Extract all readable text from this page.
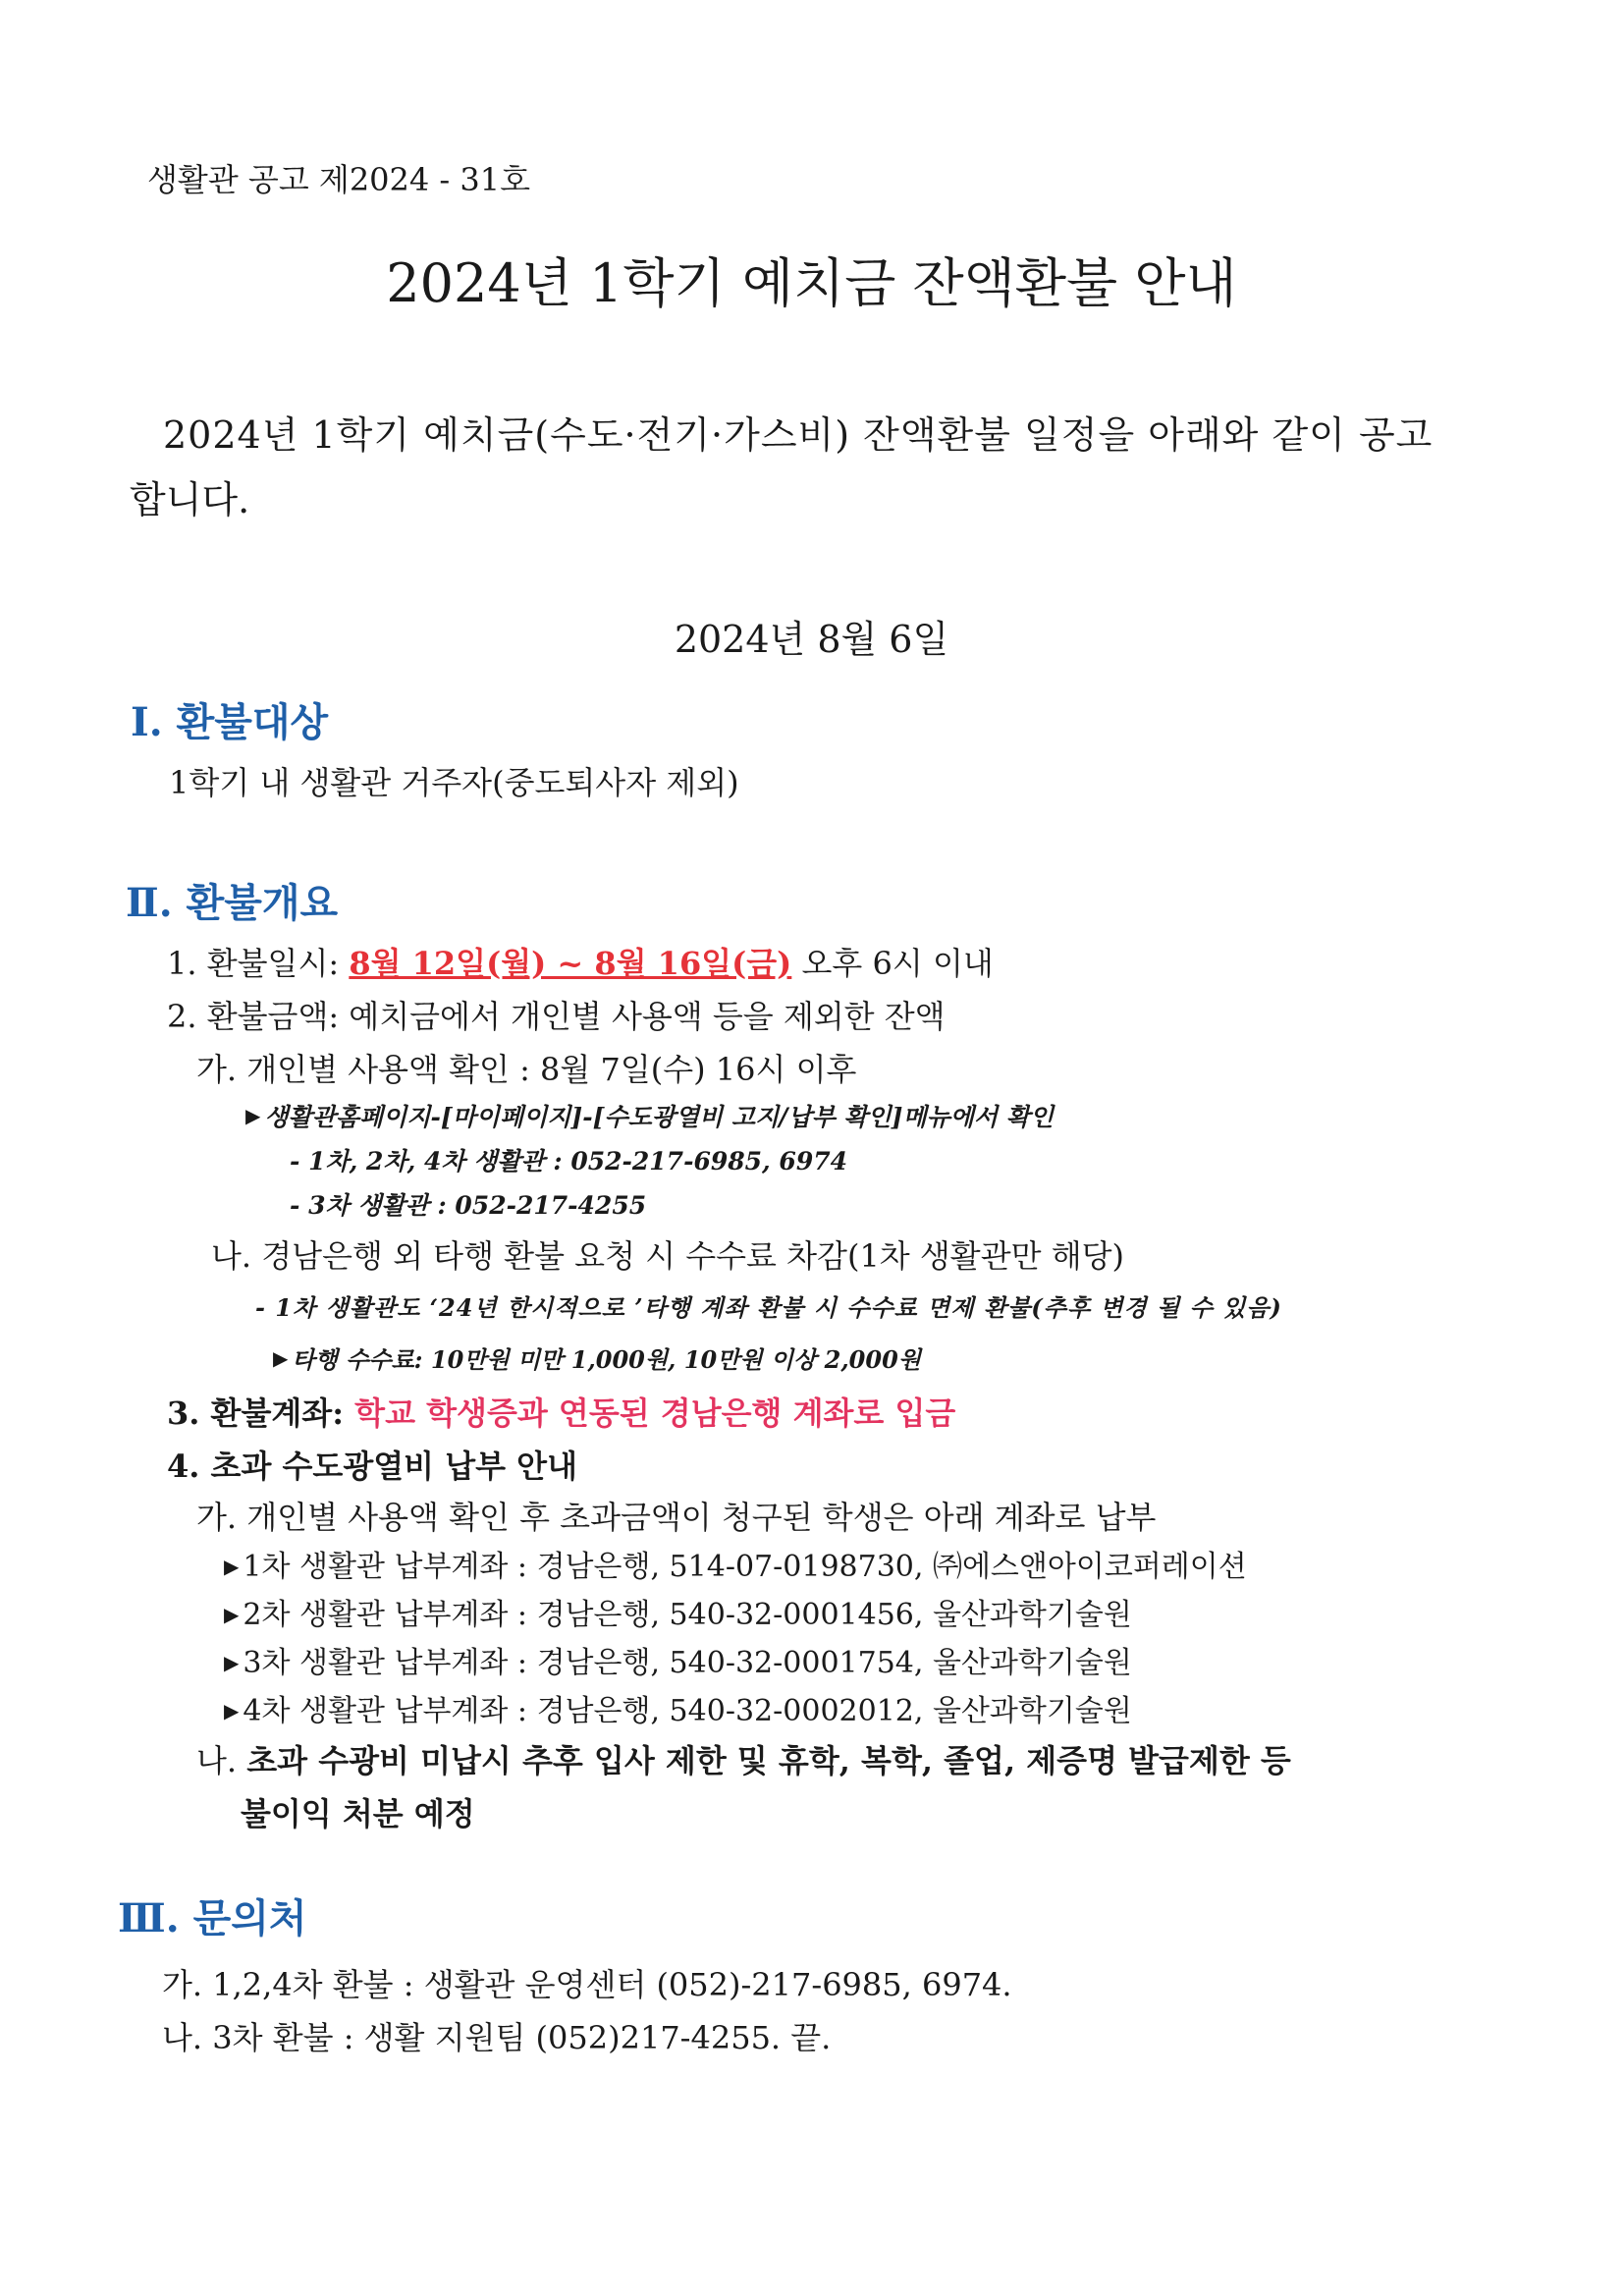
생활관 공고 제2024 - 31호
2024년 1학기 예치금 잔액환불 안내
2024년 1학기 예치금(수도·전기·가스비) 잔액환불 일정을 아래와 같이 공고
합니다.
2024년 8월 6일
Ⅰ. 환불대상
1학기 내 생활관 거주자(중도퇴사자 제외)
Ⅱ. 환불개요
1. 환불일시: 8월 12일(월) ~ 8월 16일(금) 오후 6시 이내
2. 환불금액: 예치금에서 개인별 사용액 등을 제외한 잔액
가. 개인별 사용액 확인 : 8월 7일(수) 16시 이후
▶ 생활관홈페이지-[마이페이지]-[수도광열비 고지/납부 확인]메뉴에서 확인
- 1차, 2차, 4차 생활관 : 052-217-6985, 6974
- 3차 생활관 : 052-217-4255
나. 경남은행 외 타행 환불 요청 시 수수료 차감(1차 생활관만 해당)
- 1차 생활관도 ‘24년 한시적으로 ’타행 계좌 환불 시 수수료 면제 환불(추후 변경 될 수 있음)
▶ 타행 수수료: 10만원 미만 1,000원, 10만원 이상 2,000원
3. 환불계좌: 학교 학생증과 연동된 경남은행 계좌로 입금
4. 초과 수도광열비 납부 안내
가. 개인별 사용액 확인 후 초과금액이 청구된 학생은 아래 계좌로 납부
▶ 1차 생활관 납부계좌 : 경남은행, 514-07-0198730, ㈜에스앤아이코퍼레이션
▶ 2차 생활관 납부계좌 : 경남은행, 540-32-0001456, 울산과학기술원
▶ 3차 생활관 납부계좌 : 경남은행, 540-32-0001754, 울산과학기술원
▶ 4차 생활관 납부계좌 : 경남은행, 540-32-0002012, 울산과학기술원
나. 초과 수광비 미납시 추후 입사 제한 및 휴학, 복학, 졸업, 제증명 발급제한 등
불이익 처분 예정
Ⅲ. 문의처
가. 1,2,4차 환불 : 생활관 운영센터 (052)-217-6985, 6974.
나. 3차 환불 : 생활 지원팀 (052)217-4255. 끝.
